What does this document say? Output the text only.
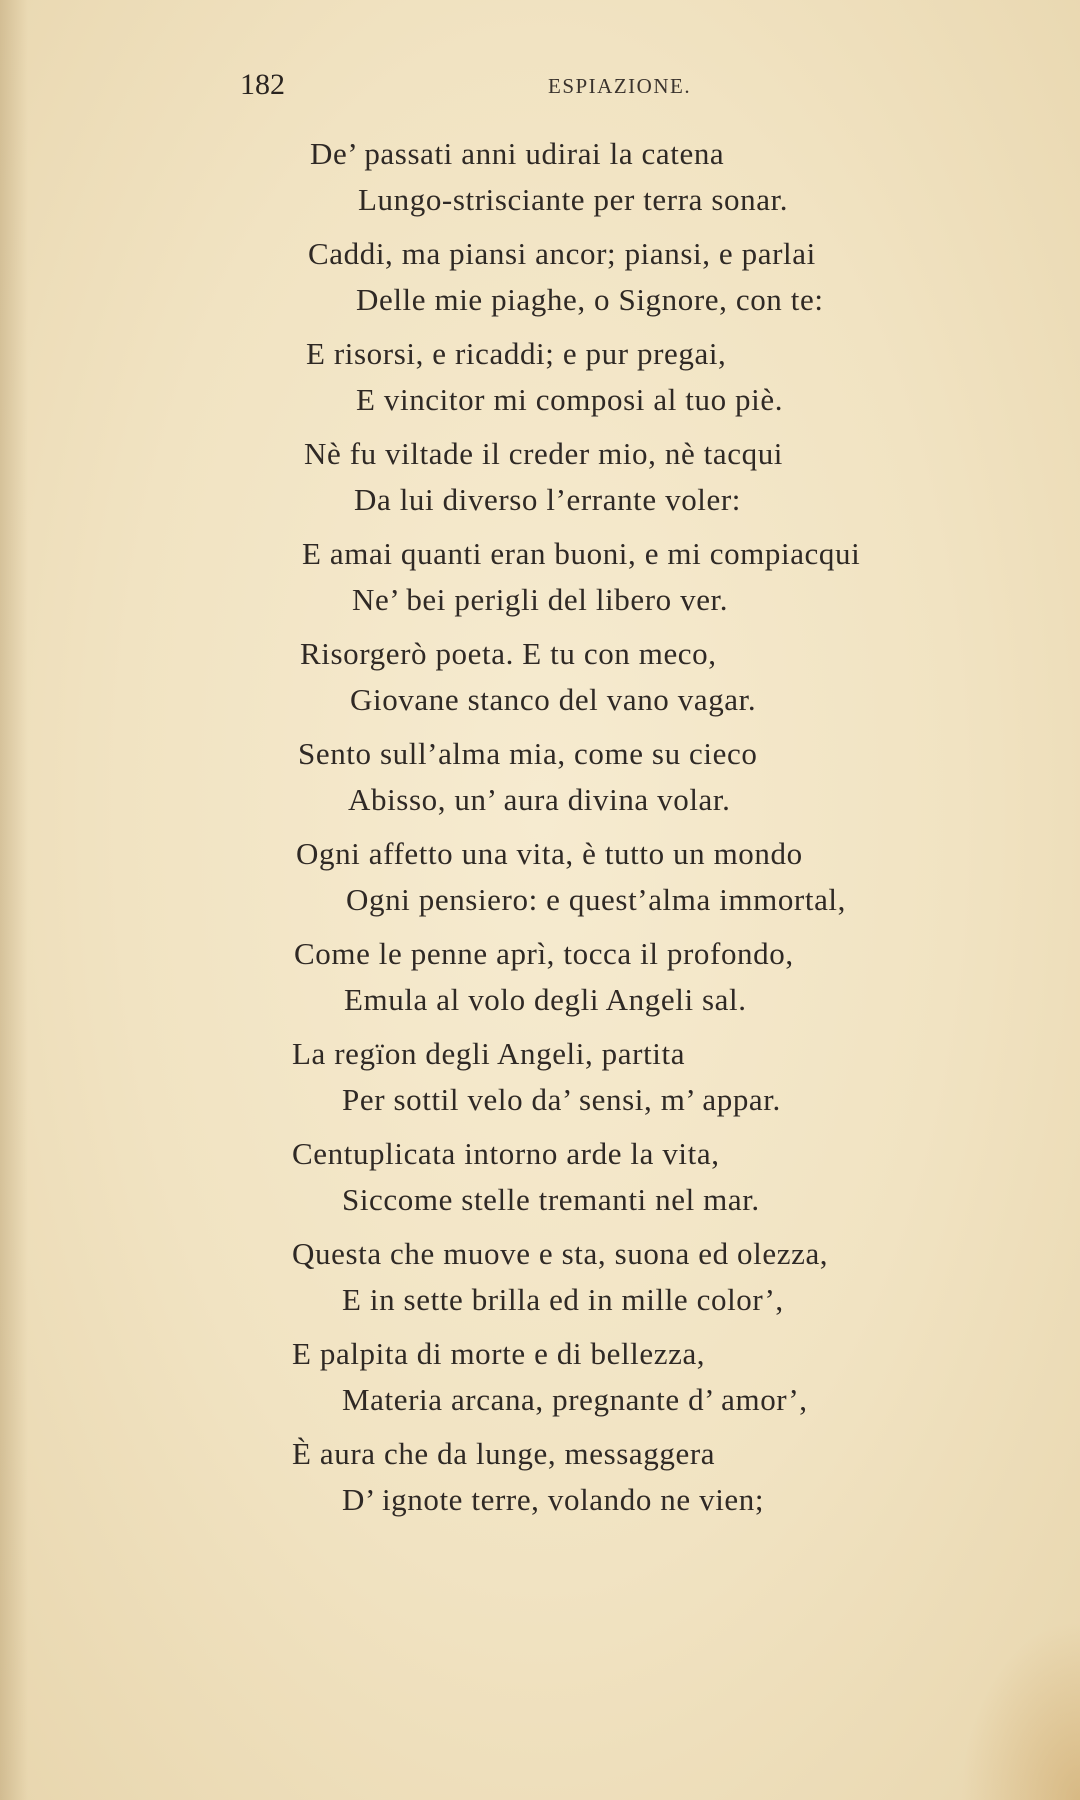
182	ESPIAZIONE.
De’ passati anni udirai la catena
Lungo-strisciante per terra sonar.
Caddi, ma piansi ancor; piansi, e parlai
Delle mie piaghe, o Signore, con te:
E risorsi, e ricaddi; e pur pregai,
E vincitor mi composi al tuo piè.
Nè fu viltade il creder mio, nè tacqui
Da lui diverso l’errante voler:
E amai quanti eran buoni, e mi compiacqui
Ne’ bei perigli del libero ver.
Risorgerò poeta. E tu con meco,
Giovane stanco del vano vagar.
Sento sull’alma mia, come su cieco
Abisso, un’ aura divina volar.
Ogni affetto una vita, è tutto un mondo
Ogni pensiero: e quest’alma immortal,
Come le penne aprì, tocca il profondo,
Emula al volo degli Angeli sal.
La regïon degli Angeli, partita
Per sottil velo da’ sensi, m’ appar.
Centuplicata intorno arde la vita,
Siccome stelle tremanti nel mar.
Questa che muove e sta, suona ed olezza,
E in sette brilla ed in mille color’,
E palpita di morte e di bellezza,
Materia arcana, pregnante d’ amor’,
È aura che da lunge, messaggera
D’ ignote terre, volando ne vien;
